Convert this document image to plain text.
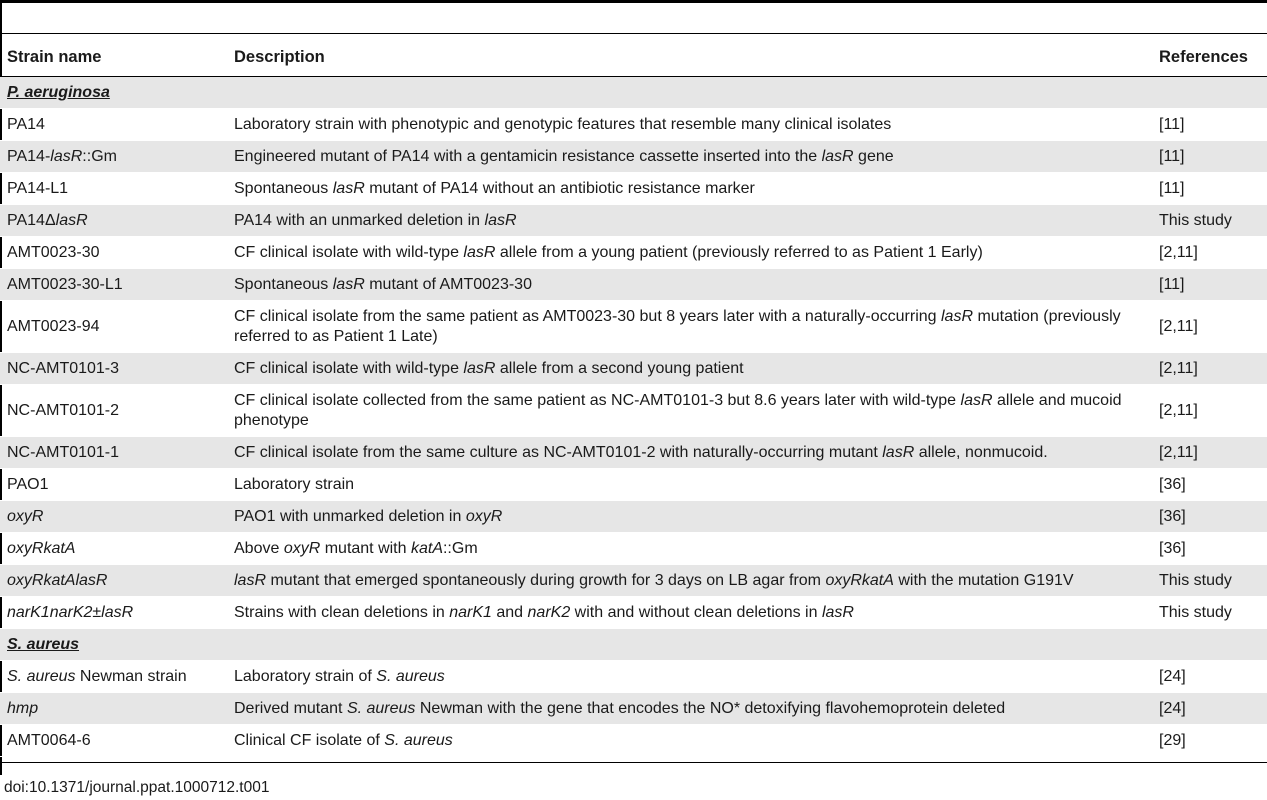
Strain name	Description	References
P. aeruginosa		
PA14	Laboratory strain with phenotypic and genotypic features that resemble many clinical isolates	[11]
PA14-lasR::Gm	Engineered mutant of PA14 with a gentamicin resistance cassette inserted into the lasR gene	[11]
PA14-L1	Spontaneous lasR mutant of PA14 without an antibiotic resistance marker	[11]
PA14ΔlasR	PA14 with an unmarked deletion in lasR	This study
AMT0023-30	CF clinical isolate with wild-type lasR allele from a young patient (previously referred to as Patient 1 Early)	[2,11]
AMT0023-30-L1	Spontaneous lasR mutant of AMT0023-30	[11]
AMT0023-94	CF clinical isolate from the same patient as AMT0023-30 but 8 years later with a naturally-occurring lasR mutation (previously referred to as Patient 1 Late)	[2,11]
NC-AMT0101-3	CF clinical isolate with wild-type lasR allele from a second young patient	[2,11]
NC-AMT0101-2	CF clinical isolate collected from the same patient as NC-AMT0101-3 but 8.6 years later with wild-type lasR allele and mucoid phenotype	[2,11]
NC-AMT0101-1	CF clinical isolate from the same culture as NC-AMT0101-2 with naturally-occurring mutant lasR allele, nonmucoid.	[2,11]
PAO1	Laboratory strain	[36]
oxyR	PAO1 with unmarked deletion in oxyR	[36]
oxyRkatA	Above oxyR mutant with katA::Gm	[36]
oxyRkatAlasR	lasR mutant that emerged spontaneously during growth for 3 days on LB agar from oxyRkatA with the mutation G191V	This study
narK1narK2±lasR	Strains with clean deletions in narK1 and narK2 with and without clean deletions in lasR	This study
S. aureus		
S. aureus Newman strain	Laboratory strain of S. aureus	[24]
hmp	Derived mutant S. aureus Newman with the gene that encodes the NO* detoxifying flavohemoprotein deleted	[24]
AMT0064-6	Clinical CF isolate of S. aureus	[29]
doi:10.1371/journal.ppat.1000712.t001
